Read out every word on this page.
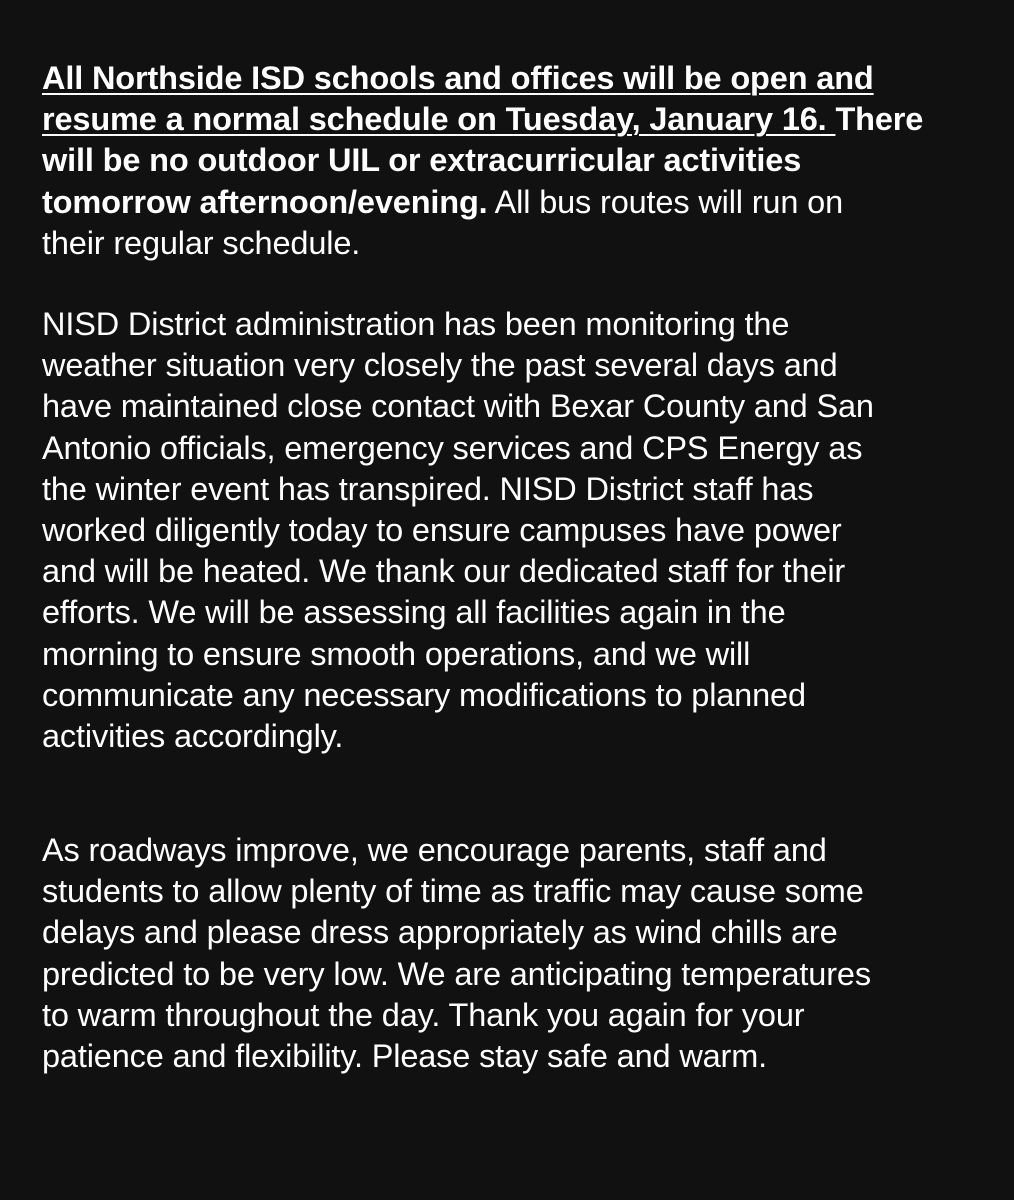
All Northside ISD schools and offices will be open and
resume a normal schedule on Tuesday, January 16. There
will be no outdoor UIL or extracurricular activities
tomorrow afternoon/evening. All bus routes will run on
their regular schedule.

NISD District administration has been monitoring the
weather situation very closely the past several days and
have maintained close contact with Bexar County and San
Antonio officials, emergency services and CPS Energy as
the winter event has transpired. NISD District staff has
worked diligently today to ensure campuses have power
and will be heated. We thank our dedicated staff for their
efforts. We will be assessing all facilities again in the
morning to ensure smooth operations, and we will
communicate any necessary modifications to planned
activities accordingly.

As roadways improve, we encourage parents, staff and
students to allow plenty of time as traffic may cause some
delays and please dress appropriately as wind chills are
predicted to be very low. We are anticipating temperatures
to warm throughout the day. Thank you again for your
patience and flexibility. Please stay safe and warm.
